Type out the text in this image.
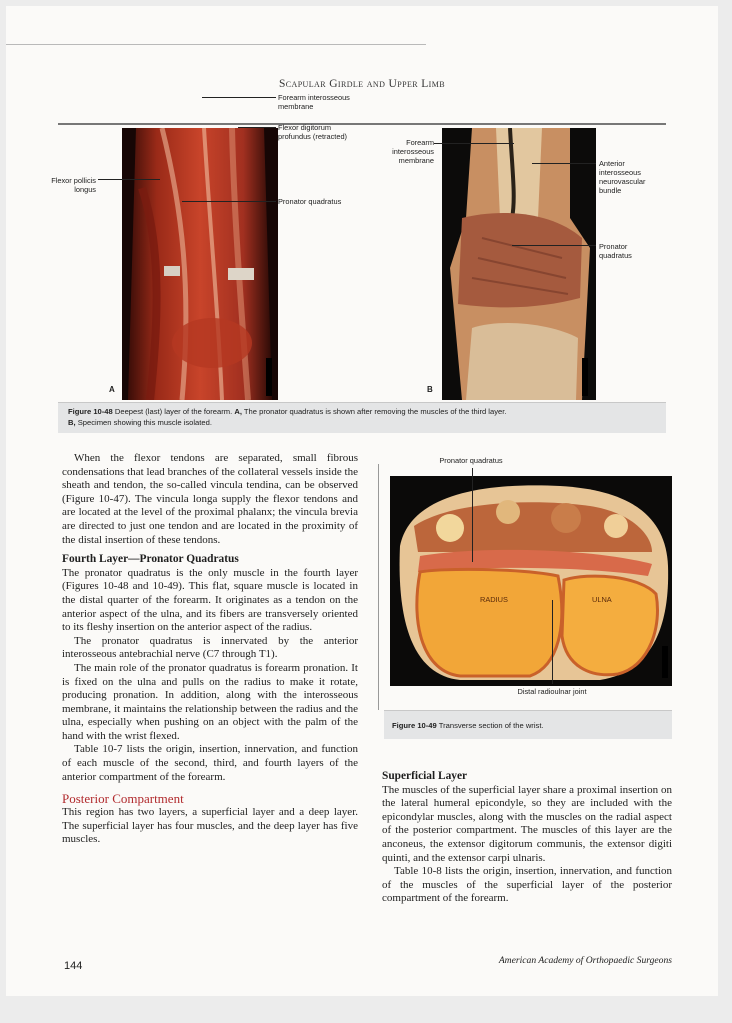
Scapular Girdle and Upper Limb
Forearm interosseous membrane
Flexor digitorum profundus (retracted)
Flexor pollicis longus
Pronator quadratus
A	B
Forearm interosseous membrane	Anterior interosseous neurovascular bundle
Pronator quadratus
Figure 10-48 Deepest (last) layer of the forearm. A, The pronator quadratus is shown after removing the muscles of the third layer.
B, Specimen showing this muscle isolated.
Pronator quadratus
RADIUS	ULNA
Distal radioulnar joint
Figure 10-49 Transverse section of the wrist.

When the flexor tendons are separated, small fibrous condensations that lead branches of the collateral vessels inside the sheath and tendon, the so-called vincula tendina, can be observed (Figure 10-47). The vincula longa supply the flexor tendons and are located at the level of the proximal phalanx; the vincula brevia are directed to just one tendon and are located in the proximity of the distal insertion of these tendons.

Fourth Layer—Pronator Quadratus

The pronator quadratus is the only muscle in the fourth layer (Figures 10-48 and 10-49). This flat, square muscle is located in the distal quarter of the forearm. It originates as a tendon on the anterior aspect of the ulna, and its fibers are transversely oriented to its fleshy insertion on the anterior aspect of the radius.

The pronator quadratus is innervated by the anterior interosseous antebrachial nerve (C7 through T1).

The main role of the pronator quadratus is forearm pronation. It is fixed on the ulna and pulls on the radius to make it rotate, producing pronation. In addition, along with the interosseous membrane, it maintains the relationship between the radius and the ulna, especially when pushing on an object with the palm of the hand with the wrist flexed.

Table 10-7 lists the origin, insertion, innervation, and function of each muscle of the second, third, and fourth layers of the anterior compartment of the forearm.

Posterior Compartment

This region has two layers, a superficial layer and a deep layer. The superficial layer has four muscles, and the deep layer has five muscles.

Superficial Layer

The muscles of the superficial layer share a proximal insertion on the lateral humeral epicondyle, so they are included with the epicondylar muscles, along with the muscles on the radial aspect of the posterior compartment. The muscles of this layer are the anconeus, the extensor digitorum communis, the extensor digiti quinti, and the extensor carpi ulnaris.

Table 10-8 lists the origin, insertion, innervation, and function of the muscles of the superficial layer of the posterior compartment of the forearm.

144	American Academy of Orthopaedic Surgeons
